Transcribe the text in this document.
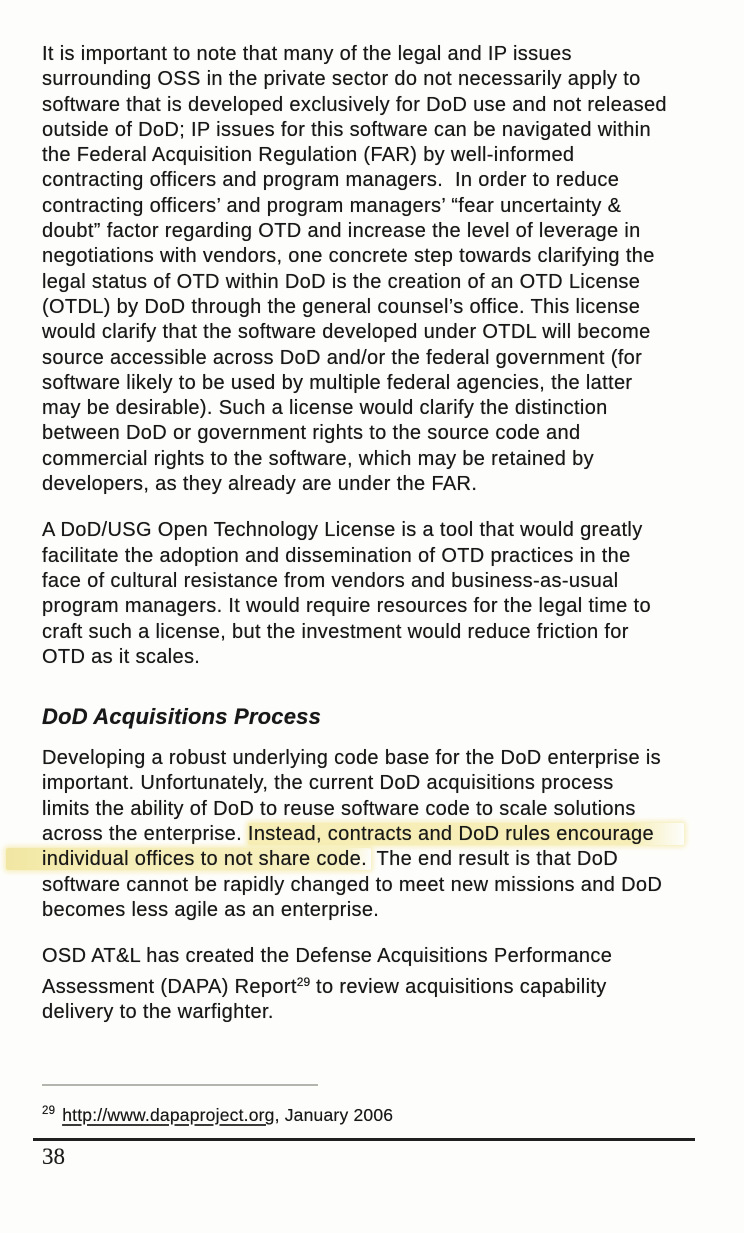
It is important to note that many of the legal and IP issues
surrounding OSS in the private sector do not necessarily apply to
software that is developed exclusively for DoD use and not released
outside of DoD; IP issues for this software can be navigated within
the Federal Acquisition Regulation (FAR) by well-informed
contracting officers and program managers.  In order to reduce
contracting officers’ and program managers’ “fear uncertainty &
doubt” factor regarding OTD and increase the level of leverage in
negotiations with vendors, one concrete step towards clarifying the
legal status of OTD within DoD is the creation of an OTD License
(OTDL) by DoD through the general counsel’s office. This license
would clarify that the software developed under OTDL will become
source accessible across DoD and/or the federal government (for
software likely to be used by multiple federal agencies, the latter
may be desirable). Such a license would clarify the distinction
between DoD or government rights to the source code and
commercial rights to the software, which may be retained by
developers, as they already are under the FAR.
A DoD/USG Open Technology License is a tool that would greatly
facilitate the adoption and dissemination of OTD practices in the
face of cultural resistance from vendors and business-as-usual
program managers. It would require resources for the legal time to
craft such a license, but the investment would reduce friction for
OTD as it scales.
DoD Acquisitions Process
Developing a robust underlying code base for the DoD enterprise is
important. Unfortunately, the current DoD acquisitions process
limits the ability of DoD to reuse software code to scale solutions
across the enterprise. Instead, contracts and DoD rules encourage
individual offices to not share code. The end result is that DoD
software cannot be rapidly changed to meet new missions and DoD
becomes less agile as an enterprise.
OSD AT&L has created the Defense Acquisitions Performance
Assessment (DAPA) Report$^{29}$ to review acquisitions capability
delivery to the warfighter.
$^{29}$ http://www.dapaproject.org, January 2006
38
